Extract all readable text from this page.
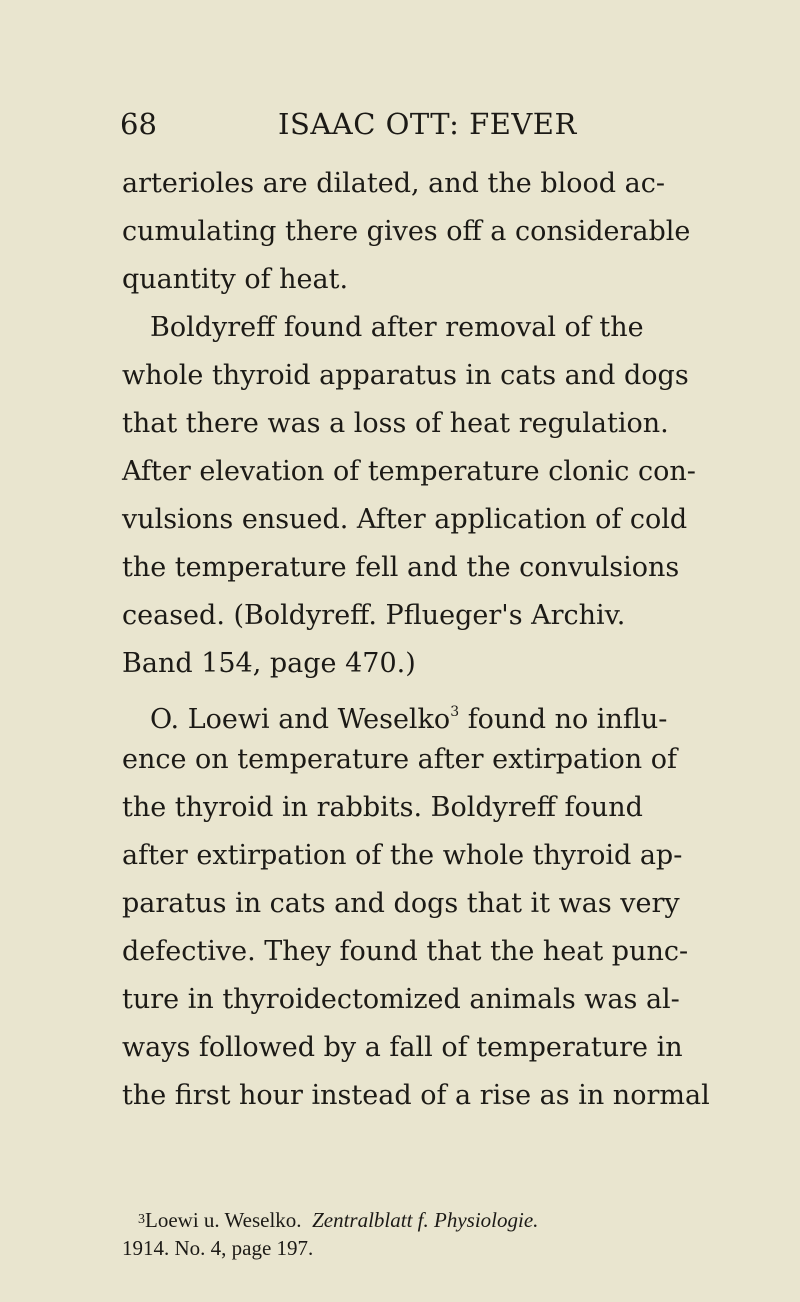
68	ISAAC OTT: FEVER
arterioles are dilated, and the blood ac-
cumulating there gives off a considerable
quantity of heat.
Boldyreff found after removal of the
whole thyroid apparatus in cats and dogs
that there was a loss of heat regulation.
After elevation of temperature clonic con-
vulsions ensued. After application of cold
the temperature fell and the convulsions
ceased. (Boldyreff. Pflueger's Archiv.
Band 154, page 470.)
O. Loewi and Weselko$^3$ found no influ-
ence on temperature after extirpation of
the thyroid in rabbits. Boldyreff found
after extirpation of the whole thyroid ap-
paratus in cats and dogs that it was very
defective. They found that the heat punc-
ture in thyroidectomized animals was al-
ways followed by a fall of temperature in
the first hour instead of a rise as in normal
3Loewi u. Weselko. Zentralblatt f. Physiologie.
1914. No. 4, page 197.
